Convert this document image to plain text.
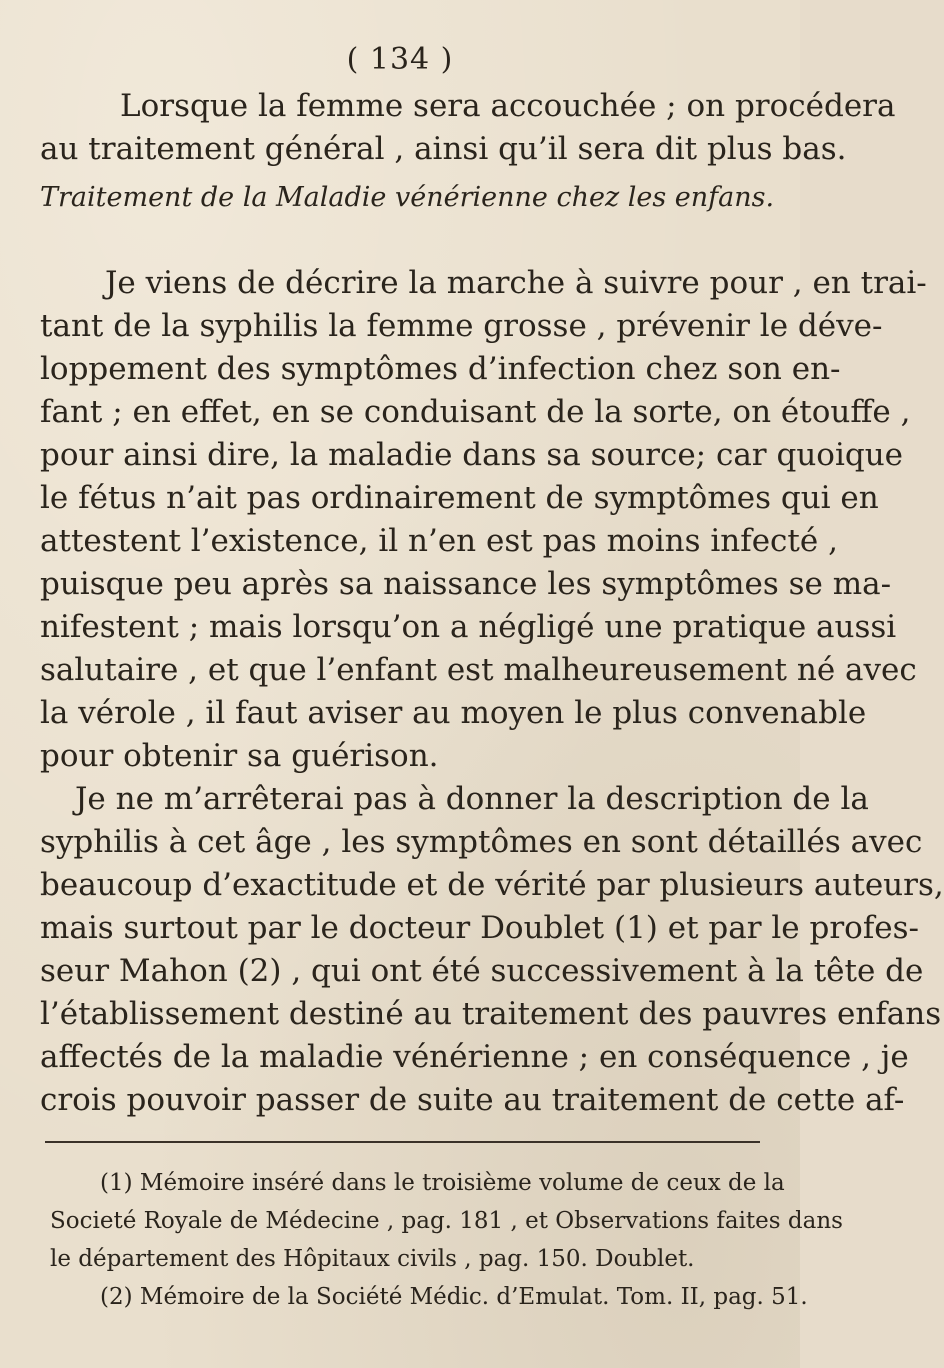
( 134 )
Lorsque la femme sera accouchée ; on procédera
au traitement général , ainsi qu’il sera dit plus bas.
Traitement de la Maladie vénérienne chez les enfans.
Je viens de décrire la marche à suivre pour , en trai-
tant de la syphilis la femme grosse , prévenir le déve-
loppement des symptômes d’infection chez son en-
fant ; en effet, en se conduisant de la sorte, on étouffe ,
pour ainsi dire, la maladie dans sa source; car quoique
le fétus n’ait pas ordinairement de symptômes qui en
attestent l’existence, il n’en est pas moins infecté ,
puisque peu après sa naissance les symptômes se ma-
nifestent ; mais lorsqu’on a négligé une pratique aussi
salutaire , et que l’enfant est malheureusement né avec
la vérole , il faut aviser au moyen le plus convenable
pour obtenir sa guérison.
Je ne m’arrêterai pas à donner la description de la
syphilis à cet âge , les symptômes en sont détaillés avec
beaucoup d’exactitude et de vérité par plusieurs auteurs,
mais surtout par le docteur Doublet (1) et par le profes-
seur Mahon (2) , qui ont été successivement à la tête de
l’établissement destiné au traitement des pauvres enfans
affectés de la maladie vénérienne ; en conséquence , je
crois pouvoir passer de suite au traitement de cette af-
(1) Mémoire inséré dans le troisième volume de ceux de la
Societé Royale de Médecine , pag. 181 , et Observations faites dans
le département des Hôpitaux civils , pag. 150. Doublet.
(2) Mémoire de la Société Médic. d’Emulat. Tom. II, pag. 51.
